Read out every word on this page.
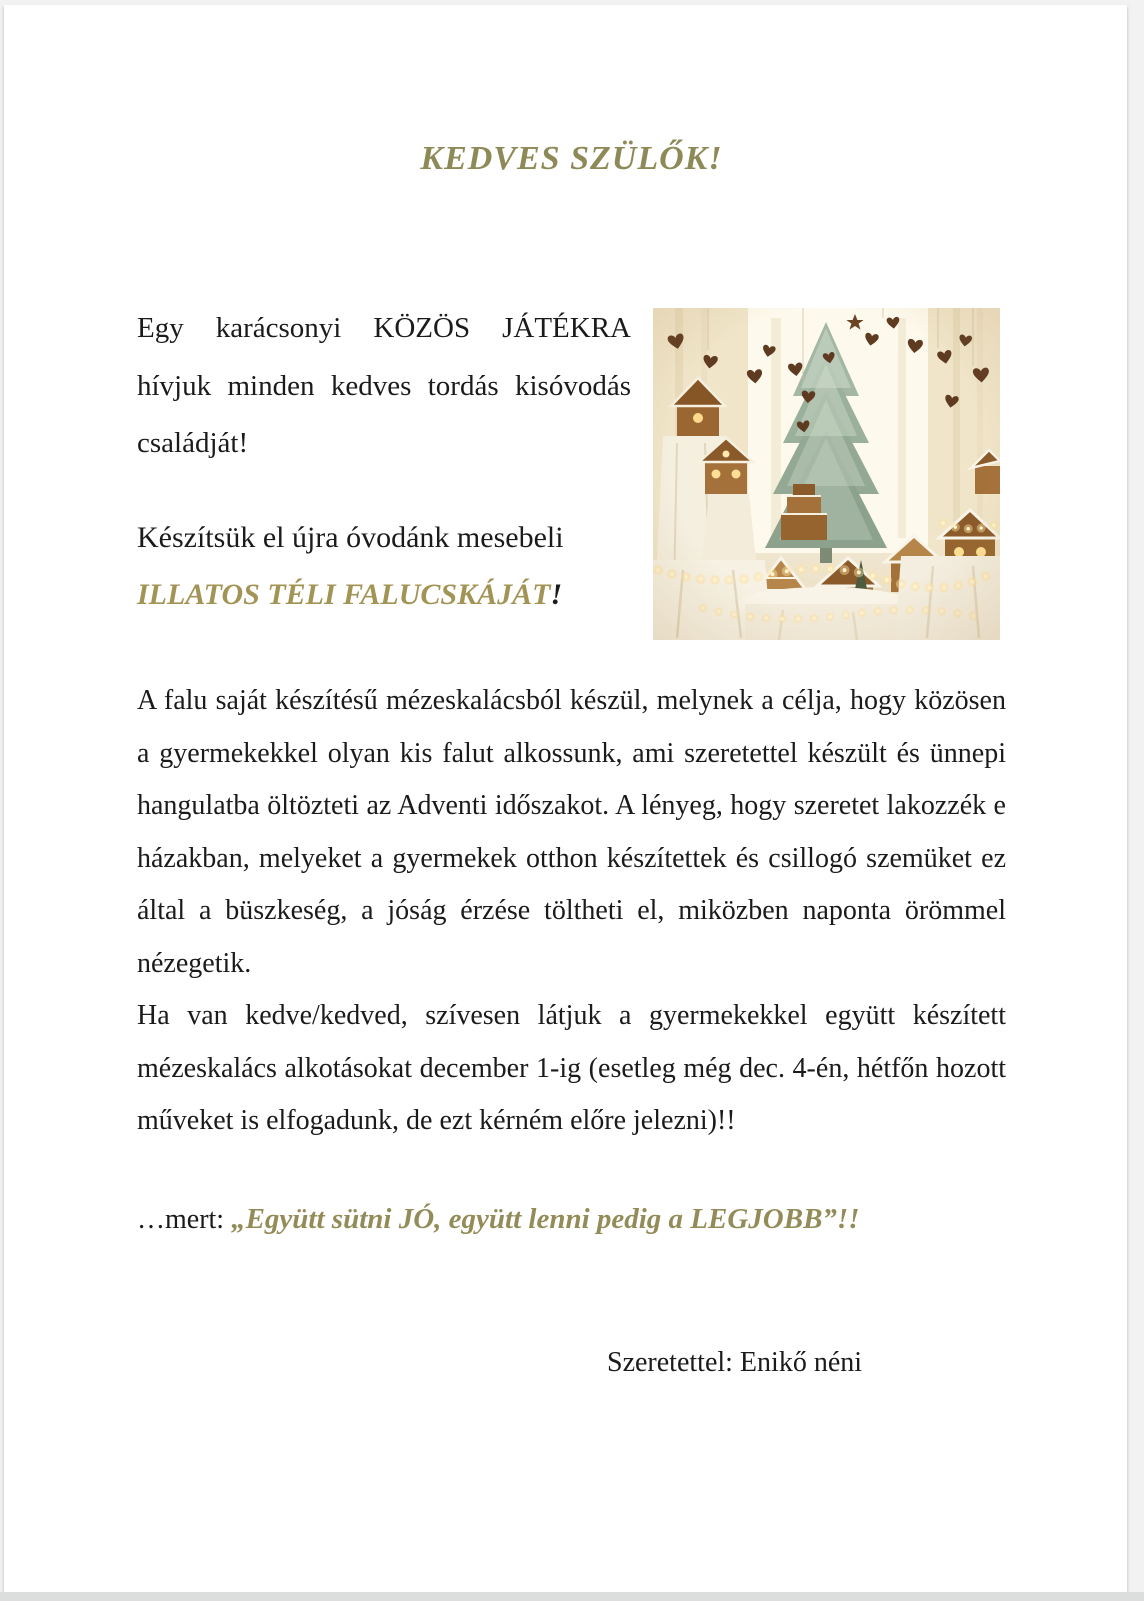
KEDVES SZÜLŐK!

Egy karácsonyi KÖZÖS JÁTÉKRA hívjuk minden kedves tordás kisóvodás családját!

Készítsük el újra óvodánk mesebeli
ILLATOS TÉLI FALUCSKÁJÁT!

A falu saját készítésű mézeskalácsból készül, melynek a célja, hogy közösen a gyermekekkel olyan kis falut alkossunk, ami szeretettel készült és ünnepi hangulatba öltözteti az Adventi időszakot. A lényeg, hogy szeretet lakozzék e házakban, melyeket a gyermekek otthon készítettek és csillogó szemüket ez által a büszkeség, a jóság érzése töltheti el, miközben naponta örömmel nézegetik.

Ha van kedve/kedved, szívesen látjuk a gyermekekkel együtt készített mézeskalács alkotásokat december 1-ig (esetleg még dec. 4-én, hétfőn hozott műveket is elfogadunk, de ezt kérném előre jelezni)!!

…mert: „Együtt sütni JÓ, együtt lenni pedig a LEGJOBB”!!

Szeretettel: Enikő néni
